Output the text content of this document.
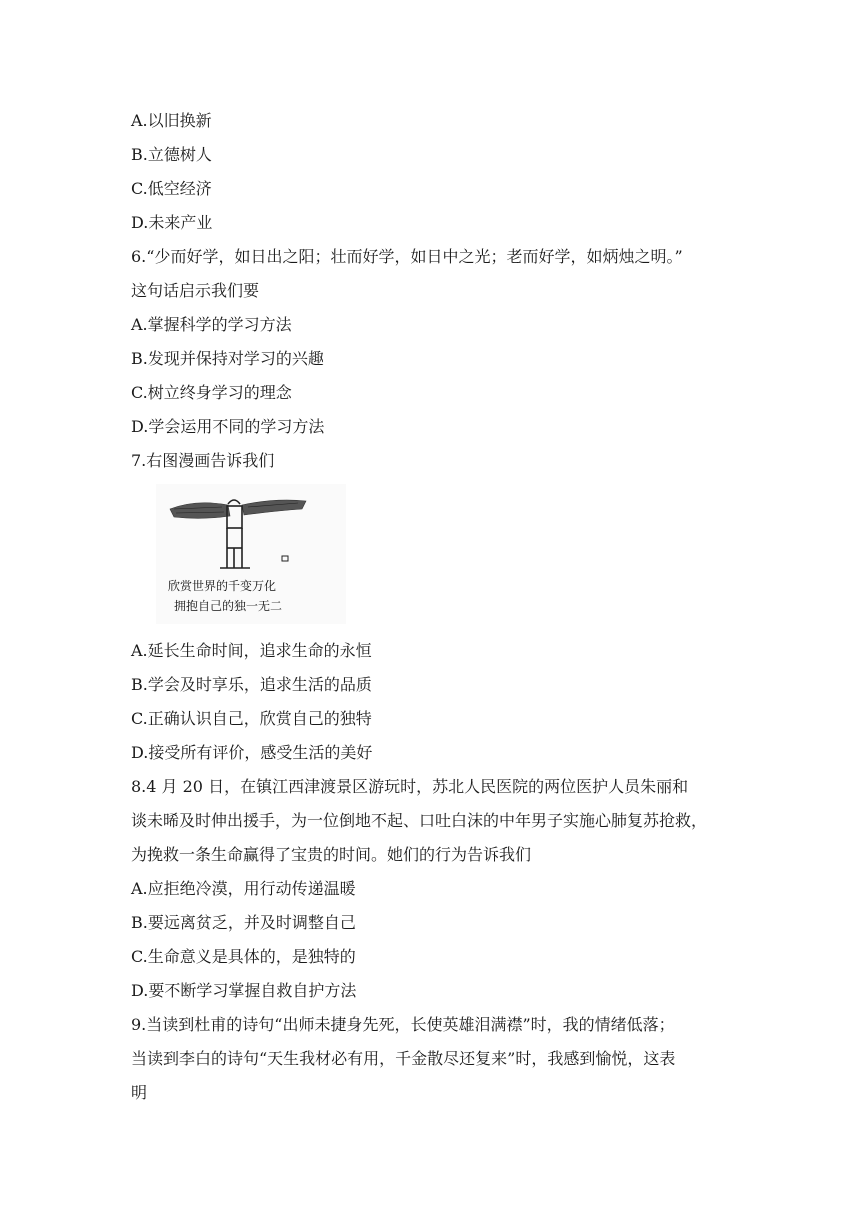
A.以旧换新
B.立德树人
C.低空经济
D.未来产业
6.“少而好学，如日出之阳；壮而好学，如日中之光；老而好学，如炳烛之明。”
这句话启示我们要
A.掌握科学的学习方法
B.发现并保持对学习的兴趣
C.树立终身学习的理念
D.学会运用不同的学习方法
7.右图漫画告诉我们
欣赏世界的千变万化
拥抱自己的独一无二
A.延长生命时间，追求生命的永恒
B.学会及时享乐，追求生活的品质
C.正确认识自己，欣赏自己的独特
D.接受所有评价，感受生活的美好
8.4 月 20 日，在镇江西津渡景区游玩时，苏北人民医院的两位医护人员朱丽和
谈未晞及时伸出援手，为一位倒地不起、口吐白沫的中年男子实施心肺复苏抢救，
为挽救一条生命赢得了宝贵的时间。她们的行为告诉我们
A.应拒绝冷漠，用行动传递温暖
B.要远离贫乏，并及时调整自己
C.生命意义是具体的，是独特的
D.要不断学习掌握自救自护方法
9.当读到杜甫的诗句“出师未捷身先死，长使英雄泪满襟”时，我的情绪低落；
当读到李白的诗句“天生我材必有用，千金散尽还复来”时，我感到愉悦，这表
明
